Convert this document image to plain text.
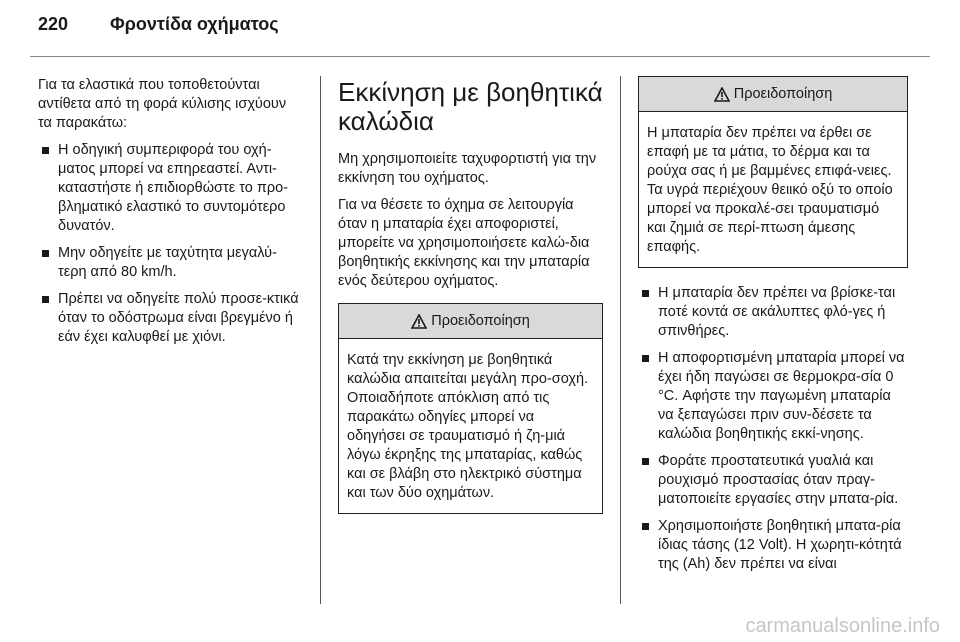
220	Φροντίδα οχήματος

Για τα ελαστικά που τοποθετούνται αντίθετα από τη φορά κύλισης ισχύουν τα παρακάτω:

Η οδηγική συμπεριφορά του οχή-ματος μπορεί να επηρεαστεί. Αντι-καταστήστε ή επιδιορθώστε το προ-βληματικό ελαστικό το συντομότερο δυνατόν.
Μην οδηγείτε με ταχύτητα μεγαλύ-τερη από 80 km/h.
Πρέπει να οδηγείτε πολύ προσε-κτικά όταν το οδόστρωμα είναι βρεγμένο ή εάν έχει καλυφθεί με χιόνι.
Εκκίνηση με βοηθητικά καλώδια

Μη χρησιμοποιείτε ταχυφορτιστή για την εκκίνηση του οχήματος.

Για να θέσετε το όχημα σε λειτουργία όταν η μπαταρία έχει αποφοριστεί, μπορείτε να χρησιμοποιήσετε καλώ-δια βοηθητικής εκκίνησης και την μπαταρία ενός δεύτερου οχήματος.

Προειδοποίηση
Κατά την εκκίνηση με βοηθητικά καλώδια απαιτείται μεγάλη προ-σοχή. Οποιαδήποτε απόκλιση από τις παρακάτω οδηγίες μπορεί να οδηγήσει σε τραυματισμό ή ζη-μιά λόγω έκρηξης της μπαταρίας, καθώς και σε βλάβη στο ηλεκτρικό σύστημα και των δύο οχημάτων.
Προειδοποίηση
Η μπαταρία δεν πρέπει να έρθει σε επαφή με τα μάτια, το δέρμα και τα ρούχα σας ή με βαμμένες επιφά-νειες. Τα υγρά περιέχουν θειικό οξύ το οποίο μπορεί να προκαλέ-σει τραυματισμό και ζημιά σε περί-πτωση άμεσης επαφής.
Η μπαταρία δεν πρέπει να βρίσκε-ται ποτέ κοντά σε ακάλυπτες φλό-γες ή σπινθήρες.
Η αποφορτισμένη μπαταρία μπορεί να έχει ήδη παγώσει σε θερμοκρα-σία 0 °C. Αφήστε την παγωμένη μπαταρία να ξεπαγώσει πριν συν-δέσετε τα καλώδια βοηθητικής εκκί-νησης.
Φοράτε προστατευτικά γυαλιά και ρουχισμό προστασίας όταν πραγ-ματοποιείτε εργασίες στην μπατα-ρία.
Χρησιμοποιήστε βοηθητική μπατα-ρία ίδιας τάσης (12 Volt). Η χωρητι-κότητά της (Ah) δεν πρέπει να είναι
carmanualsonline.info
